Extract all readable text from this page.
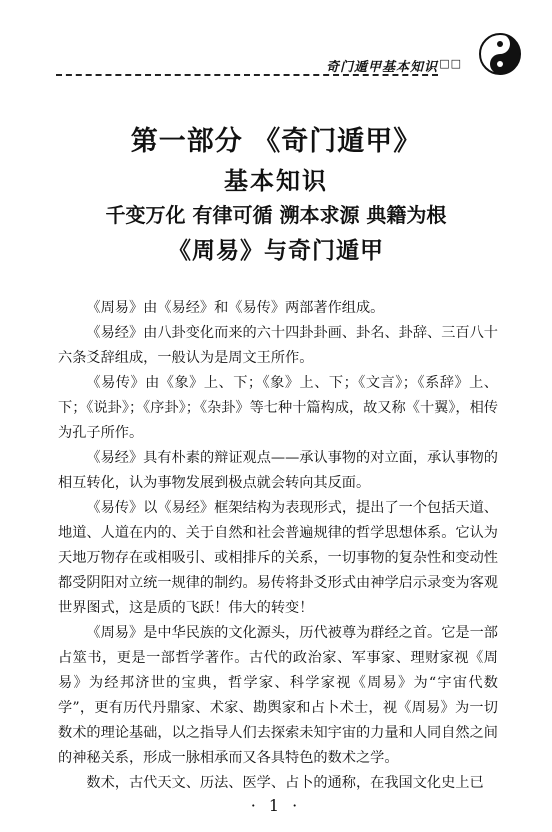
奇门遁甲基本知识 □□
第一部分 《奇门遁甲》
基本知识
千变万化 有律可循 溯本求源 典籍为根
《周易》与奇门遁甲

《周易》由《易经》和《易传》两部著作组成。

《易经》由八卦变化而来的六十四卦卦画、卦名、卦辞、三百八十六条爻辞组成，一般认为是周文王所作。

《易传》由《象》上、下；《象》上、下；《文言》；《系辞》上、下；《说卦》；《序卦》；《杂卦》等七种十篇构成，故又称《十翼》，相传为孔子所作。

《易经》具有朴素的辩证观点——承认事物的对立面，承认事物的相互转化，认为事物发展到极点就会转向其反面。

《易传》以《易经》框架结构为表现形式，提出了一个包括天道、地道、人道在内的、关于自然和社会普遍规律的哲学思想体系。它认为天地万物存在或相吸引、或相排斥的关系，一切事物的复杂性和变动性都受阴阳对立统一规律的制约。易传将卦爻形式由神学启示录变为客观世界图式，这是质的飞跃！伟大的转变！

《周易》是中华民族的文化源头，历代被尊为群经之首。它是一部占筮书，更是一部哲学著作。古代的政治家、军事家、理财家视《周易》为经邦济世的宝典，哲学家、科学家视《周易》为“宇宙代数学”，更有历代丹鼎家、术家、勘舆家和占卜术士，视《周易》为一切数术的理论基础，以之指导人们去探索未知宇宙的力量和人同自然之间的神秘关系，形成一脉相承而又各具特色的数术之学。

数术，古代天文、历法、医学、占卜的通称，在我国文化史上已

· 1 ·
